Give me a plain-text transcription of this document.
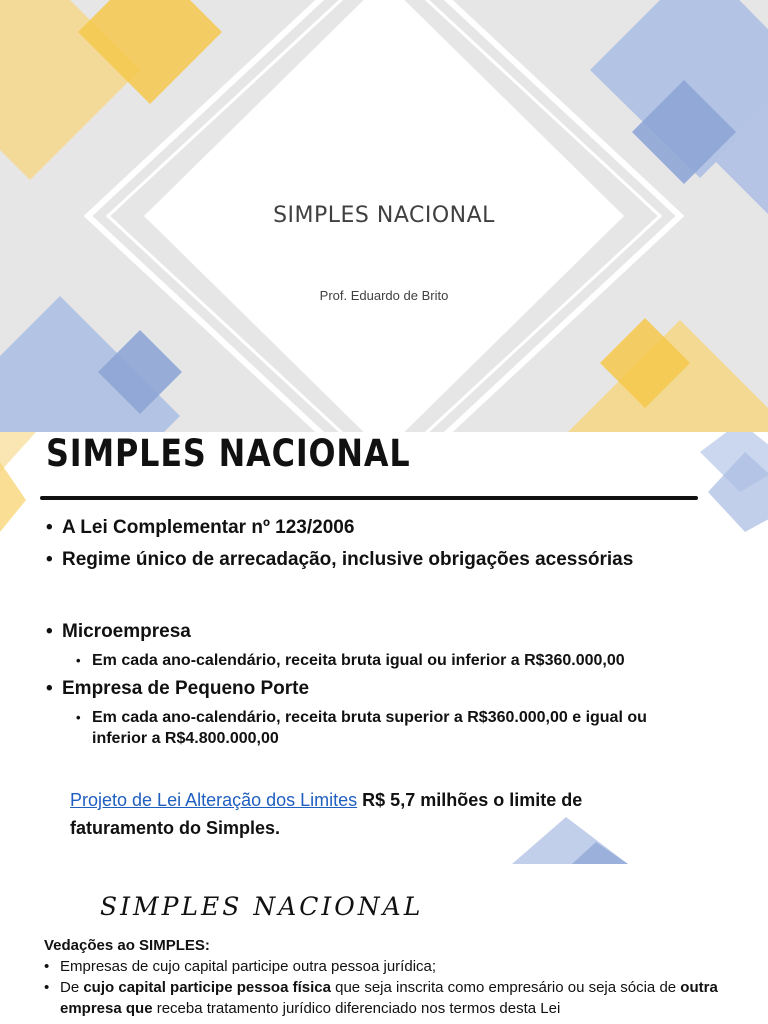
SIMPLES NACIONAL
Prof. Eduardo de Brito
SIMPLES NACIONAL
• A Lei Complementar nº 123/2006
• Regime único de arrecadação, inclusive obrigações acessórias
• Microempresa
• Em cada ano-calendário, receita bruta igual ou inferior a R$360.000,00
• Empresa de Pequeno Porte
• Em cada ano-calendário, receita bruta superior a R$360.000,00 e igual ou inferior a R$4.800.000,00
Projeto de Lei Alteração dos Limites R$ 5,7 milhões o limite de faturamento do Simples.
SIMPLES NACIONAL
Vedações ao SIMPLES:
• Empresas de cujo capital participe outra pessoa jurídica;
• De cujo capital participe pessoa física que seja inscrita como empresário ou seja sócia de outra empresa que receba tratamento jurídico diferenciado nos termos desta Lei
